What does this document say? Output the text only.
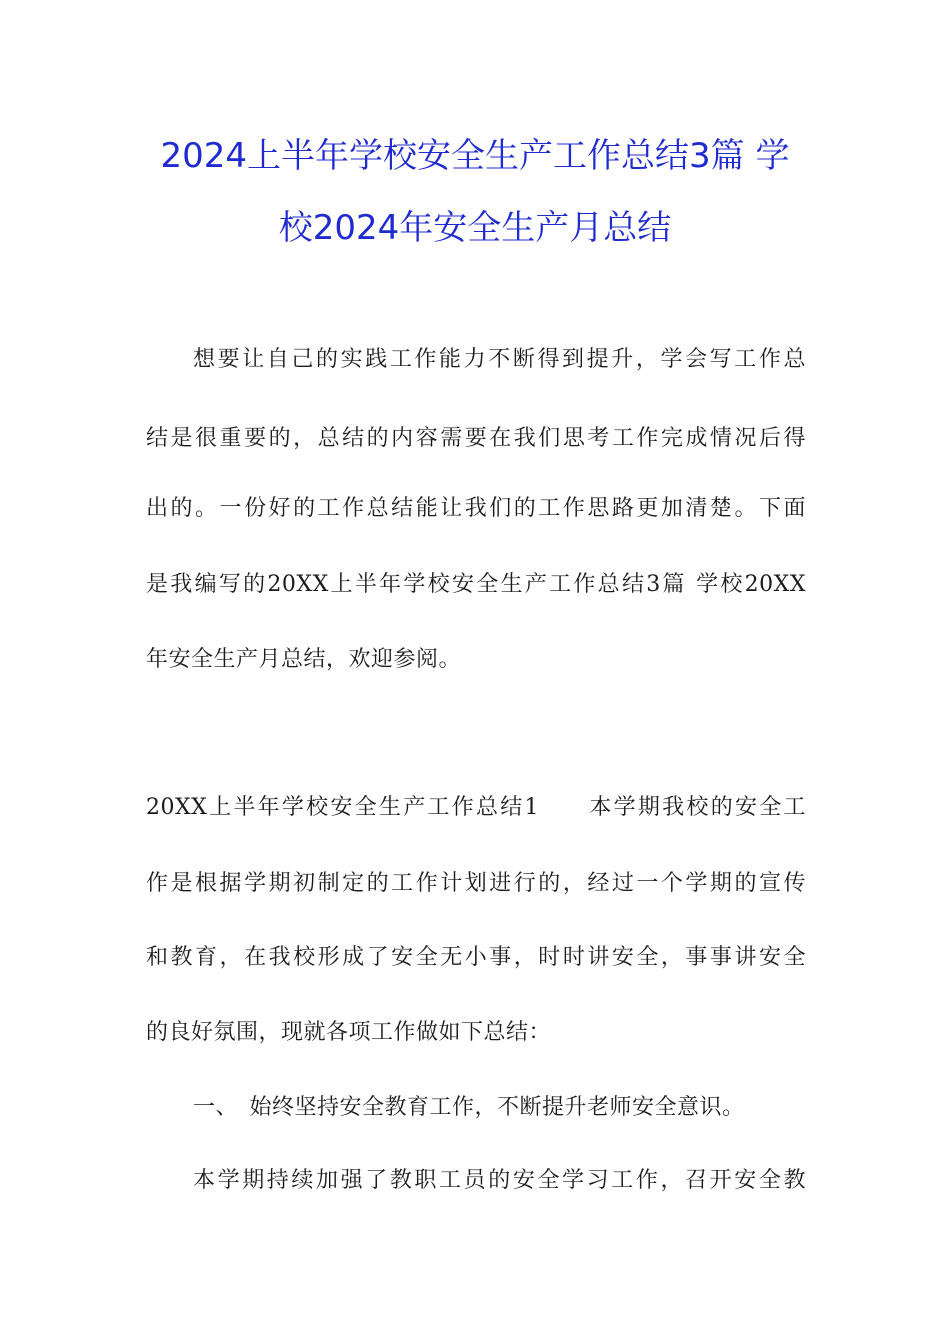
2024上半年学校安全生产工作总结3篇 学
校2024年安全生产月总结
想要让自己的实践工作能力不断得到提升，学会写工作总
结是很重要的，总结的内容需要在我们思考工作完成情况后得
出的。一份好的工作总结能让我们的工作思路更加清楚。下面
是我编写的20XX上半年学校安全生产工作总结3篇 学校20XX
年安全生产月总结，欢迎参阅。
20XX上半年学校安全生产工作总结1　　本学期我校的安全工
作是根据学期初制定的工作计划进行的，经过一个学期的宣传
和教育，在我校形成了安全无小事，时时讲安全，事事讲安全
的良好氛围，现就各项工作做如下总结：
一、　始终坚持安全教育工作，不断提升老师安全意识。
本学期持续加强了教职工员的安全学习工作，召开安全教
